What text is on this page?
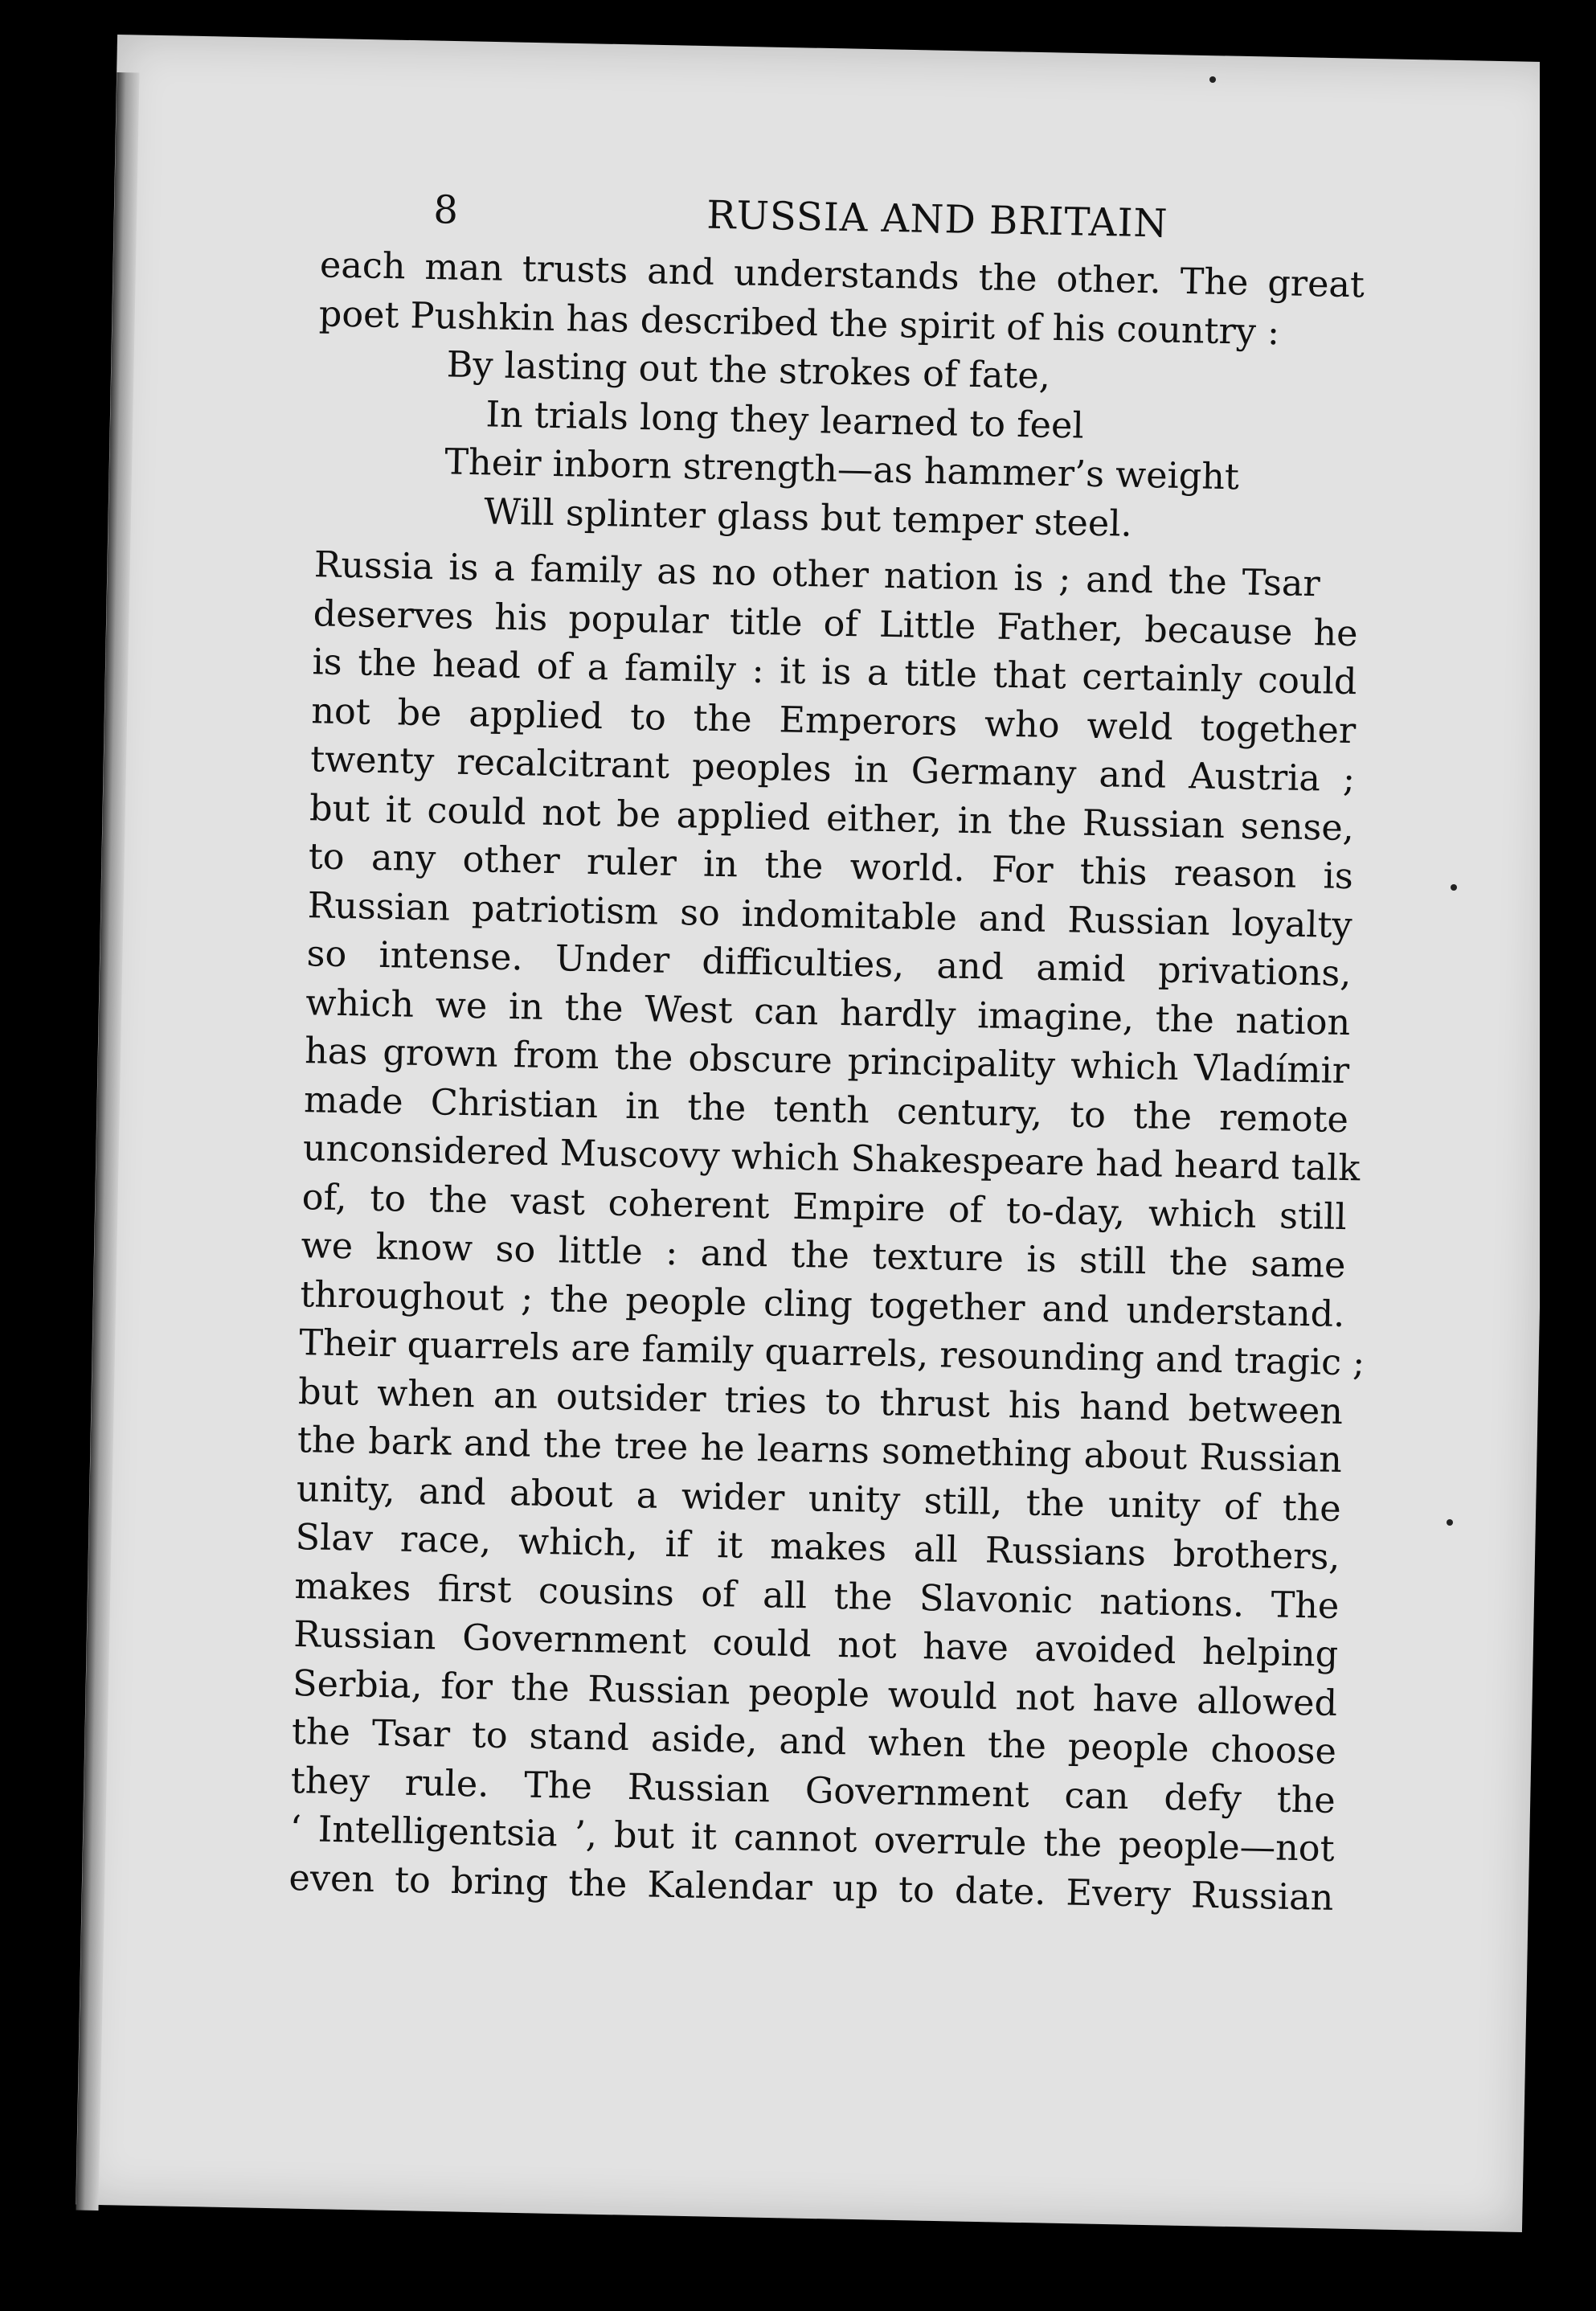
8	RUSSIA AND BRITAIN
each man trusts and understands the other. The great
poet Pushkin has described the spirit of his country :
By lasting out the strokes of fate,
In trials long they learned to feel
Their inborn strength—as hammer’s weight
Will splinter glass but temper steel.
Russia is a family as no other nation is ; and the Tsar
deserves his popular title of Little Father, because he
is the head of a family : it is a title that certainly could
not be applied to the Emperors who weld together
twenty recalcitrant peoples in Germany and Austria ;
but it could not be applied either, in the Russian sense,
to any other ruler in the world. For this reason is
Russian patriotism so indomitable and Russian loyalty
so intense. Under difficulties, and amid privations,
which we in the West can hardly imagine, the nation
has grown from the obscure principality which Vladímir
made Christian in the tenth century, to the remote
unconsidered Muscovy which Shakespeare had heard talk
of, to the vast coherent Empire of to-day, which still
we know so little : and the texture is still the same
throughout ; the people cling together and understand.
Their quarrels are family quarrels, resounding and tragic ;
but when an outsider tries to thrust his hand between
the bark and the tree he learns something about Russian
unity, and about a wider unity still, the unity of the
Slav race, which, if it makes all Russians brothers,
makes first cousins of all the Slavonic nations. The
Russian Government could not have avoided helping
Serbia, for the Russian people would not have allowed
the Tsar to stand aside, and when the people choose
they rule. The Russian Government can defy the
‘ Intelligentsia ’, but it cannot overrule the people—not
even to bring the Kalendar up to date. Every Russian
